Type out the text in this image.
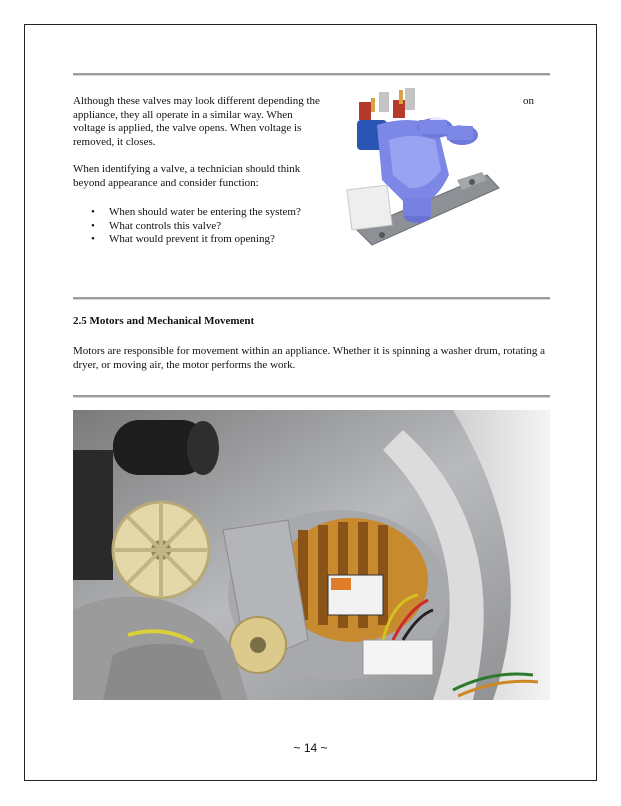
Although these valves may look different depending the appliance, they all operate in a similar way. When voltage is applied, the valve opens. When voltage is removed, it closes.
on
When identifying a valve, a technician should think beyond appearance and consider function:
• When should water be entering the system?
• What controls this valve?
• What would prevent it from opening?
2.5 Motors and Mechanical Movement
Motors are responsible for movement within an appliance. Whether it is spinning a washer drum, rotating a dryer, or moving air, the motor performs the work.
~ 14 ~
